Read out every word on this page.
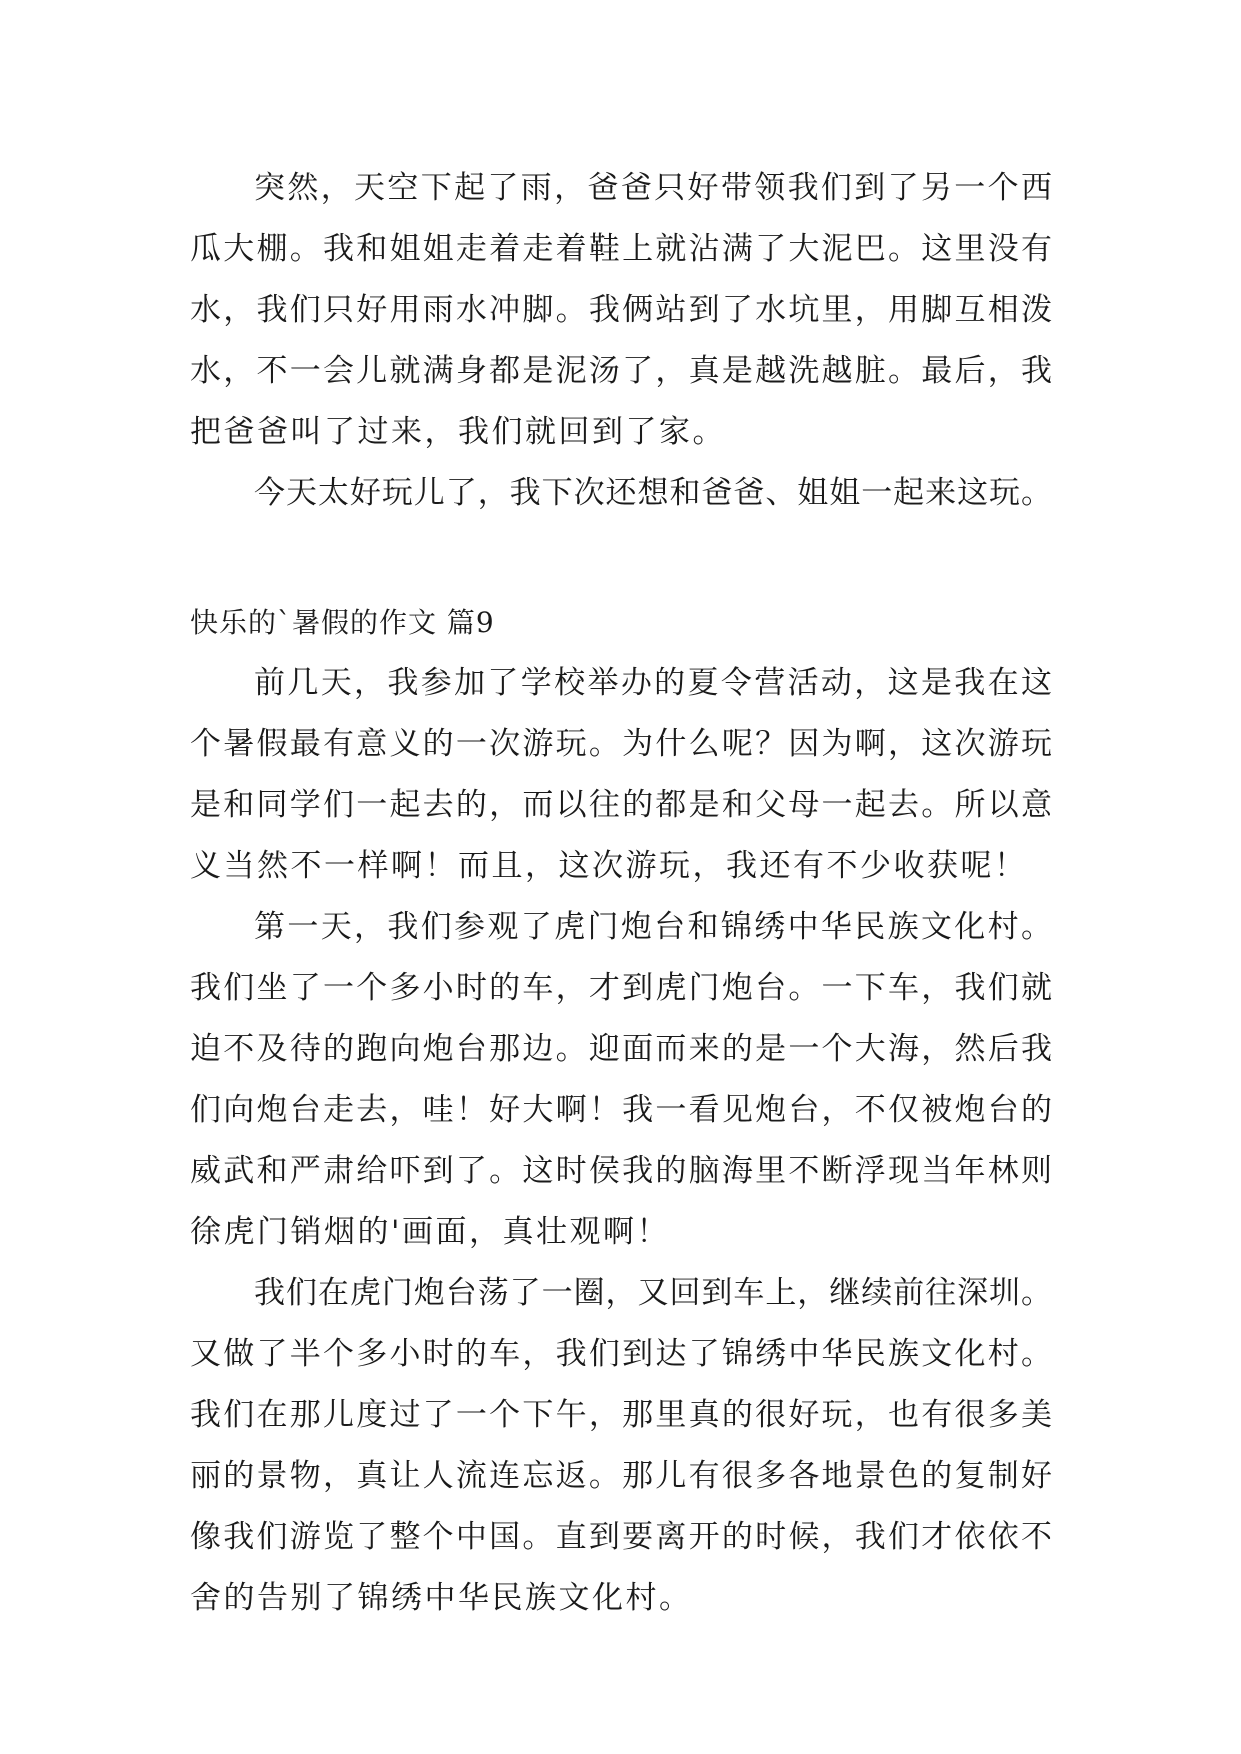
突然，天空下起了雨，爸爸只好带领我们到了另一个西
瓜大棚。我和姐姐走着走着鞋上就沾满了大泥巴。这里没有
水，我们只好用雨水冲脚。我俩站到了水坑里，用脚互相泼
水，不一会儿就满身都是泥汤了，真是越洗越脏。最后，我
把爸爸叫了过来，我们就回到了家。
今天太好玩儿了，我下次还想和爸爸、姐姐一起来这玩。
快乐的`暑假的作文 篇9
前几天，我参加了学校举办的夏令营活动，这是我在这
个暑假最有意义的一次游玩。为什么呢？因为啊，这次游玩
是和同学们一起去的，而以往的都是和父母一起去。所以意
义当然不一样啊！而且，这次游玩，我还有不少收获呢！
第一天，我们参观了虎门炮台和锦绣中华民族文化村。
我们坐了一个多小时的车，才到虎门炮台。一下车，我们就
迫不及待的跑向炮台那边。迎面而来的是一个大海，然后我
们向炮台走去，哇！好大啊！我一看见炮台，不仅被炮台的
威武和严肃给吓到了。这时侯我的脑海里不断浮现当年林则
徐虎门销烟的'画面，真壮观啊！
我们在虎门炮台荡了一圈，又回到车上，继续前往深圳。
又做了半个多小时的车，我们到达了锦绣中华民族文化村。
我们在那儿度过了一个下午，那里真的很好玩，也有很多美
丽的景物，真让人流连忘返。那儿有很多各地景色的复制好
像我们游览了整个中国。直到要离开的时候，我们才依依不
舍的告别了锦绣中华民族文化村。
